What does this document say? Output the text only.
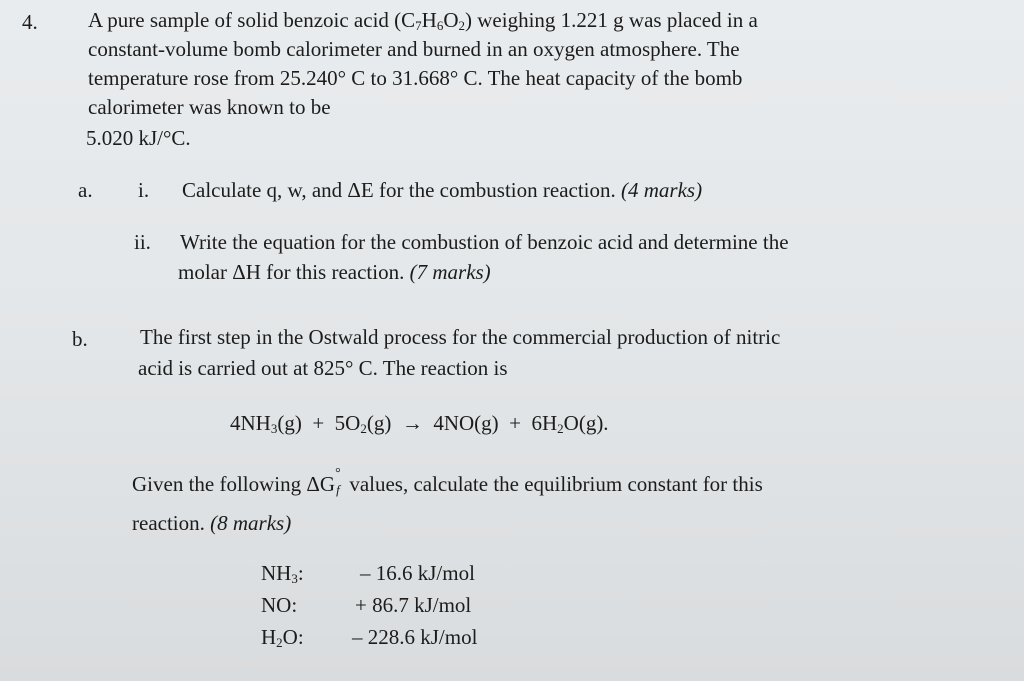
4. A pure sample of solid benzoic acid $(C_7H_6O_2)$ weighing 1.221 g was placed in a
constant-volume bomb calorimeter and burned in an oxygen atmosphere. The
temperature rose from 25.240° C to 31.668° C. The heat capacity of the bomb
calorimeter was known to be
5.020 kJ/°C.
a. i. Calculate q, w, and ΔE for the combustion reaction. (4 marks)
ii. Write the equation for the combustion of benzoic acid and determine the
molar ΔH for this reaction. (7 marks)
b. The first step in the Ostwald process for the commercial production of nitric
acid is carried out at 825° C. The reaction is
$4NH_3(g) + 5O_2(g) \to 4NO(g) + 6H_2O(g)$.
Given the following ΔG °
f values, calculate the equilibrium constant for this
reaction. (8 marks)
$NH_3$:	– 16.6 kJ/mol
NO:	+ 86.7 kJ/mol
$H_2O$: – 228.6 kJ/mol
